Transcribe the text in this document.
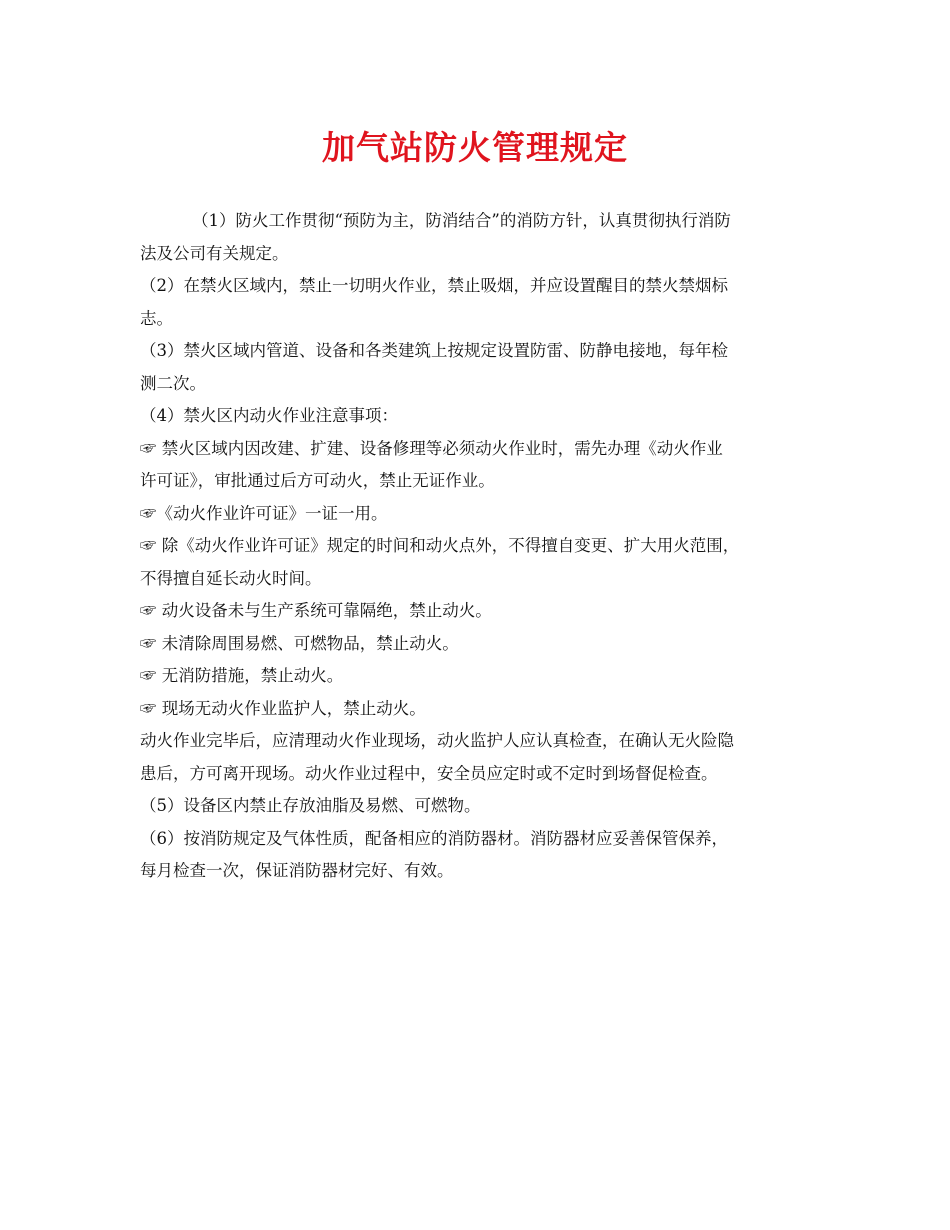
加气站防火管理规定
（1）防火工作贯彻“预防为主，防消结合”的消防方针，认真贯彻执行消防
法及公司有关规定。
（2）在禁火区域内，禁止一切明火作业，禁止吸烟，并应设置醒目的禁火禁烟标
志。
（3）禁火区域内管道、设备和各类建筑上按规定设置防雷、防静电接地，每年检
测二次。
（4）禁火区内动火作业注意事项：
☞ 禁火区域内因改建、扩建、设备修理等必须动火作业时，需先办理《动火作业
许可证》，审批通过后方可动火，禁止无证作业。
☞《动火作业许可证》一证一用。
☞ 除《动火作业许可证》规定的时间和动火点外，不得擅自变更、扩大用火范围，
不得擅自延长动火时间。
☞ 动火设备未与生产系统可靠隔绝，禁止动火。
☞ 未清除周围易燃、可燃物品，禁止动火。
☞ 无消防措施，禁止动火。
☞ 现场无动火作业监护人，禁止动火。
动火作业完毕后，应清理动火作业现场，动火监护人应认真检查，在确认无火险隐
患后，方可离开现场。动火作业过程中，安全员应定时或不定时到场督促检查。
（5）设备区内禁止存放油脂及易燃、可燃物。
（6）按消防规定及气体性质，配备相应的消防器材。消防器材应妥善保管保养，
每月检查一次，保证消防器材完好、有效。
